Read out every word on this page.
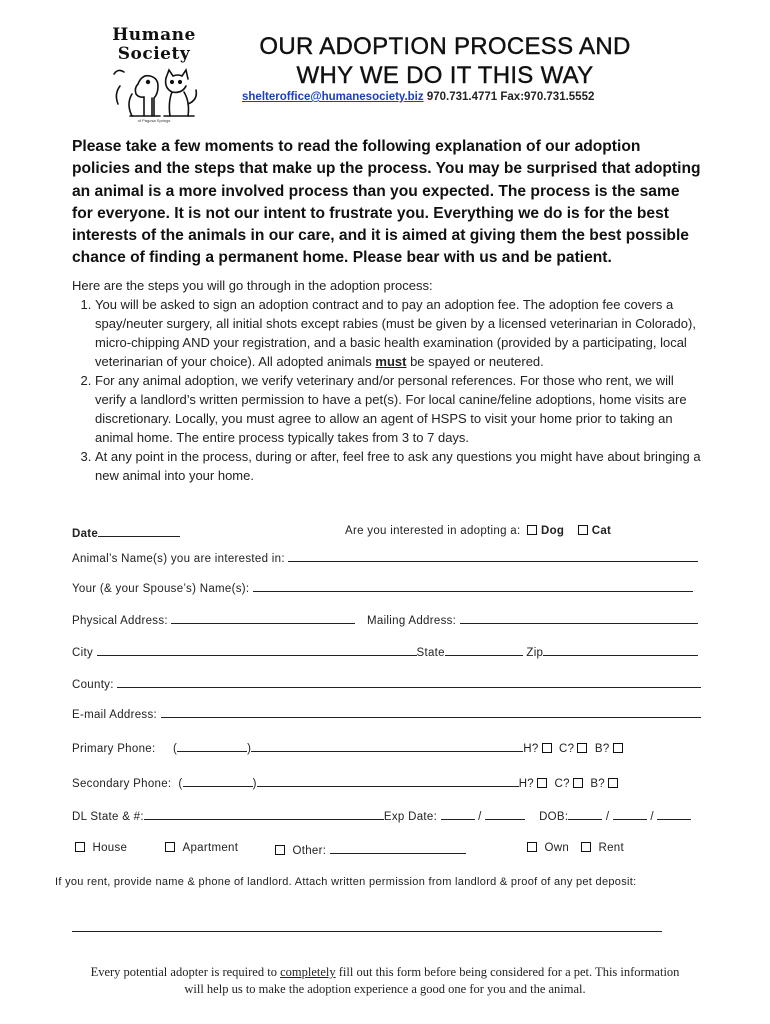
Humane
Society
of Pagosa Springs
OUR ADOPTION PROCESS AND
WHY WE DO IT THIS WAY
shelteroffice@humanesociety.biz 970.731.4771 Fax:970.731.5552
Please take a few moments to read the following explanation of our adoption policies and the steps that make up the process. You may be surprised that adopting an animal is a more involved process than you expected. The process is the same for everyone. It is not our intent to frustrate you. Everything we do is for the best interests of the animals in our care, and it is aimed at giving them the best possible chance of finding a permanent home. Please bear with us and be patient.
Here are the steps you will go through in the adoption process:
1. You will be asked to sign an adoption contract and to pay an adoption fee. The adoption fee covers a spay/neuter surgery, all initial shots except rabies (must be given by a licensed veterinarian in Colorado), micro-chipping AND your registration, and a basic health examination (provided by a participating, local veterinarian of your choice). All adopted animals must be spayed or neutered.
2. For any animal adoption, we verify veterinary and/or personal references. For those who rent, we will verify a landlord’s written permission to have a pet(s). For local canine/feline adoptions, home visits are discretionary. Locally, you must agree to allow an agent of HSPS to visit your home prior to taking an animal home. The entire process typically takes from 3 to 7 days.
3. At any point in the process, during or after, feel free to ask any questions you might have about bringing a new animal into your home.
Date	Are you interested in adopting a: Dog Cat
Animal’s Name(s) you are interested in:
Your (& your Spouse’s) Name(s):
Physical Address:	Mailing Address:
City	State	Zip
County:
E-mail Address:
Primary Phone:     (	)	H? C? B?
Secondary Phone:  (	)	H? C? B?
DL State & #:	Exp Date:	/	DOB:	/	/
House	Apartment	Other:	Own	Rent
If you rent, provide name & phone of landlord. Attach written permission from landlord & proof of any pet deposit:
Every potential adopter is required to completely fill out this form before being considered for a pet. This information will help us to make the adoption experience a good one for you and the animal.
